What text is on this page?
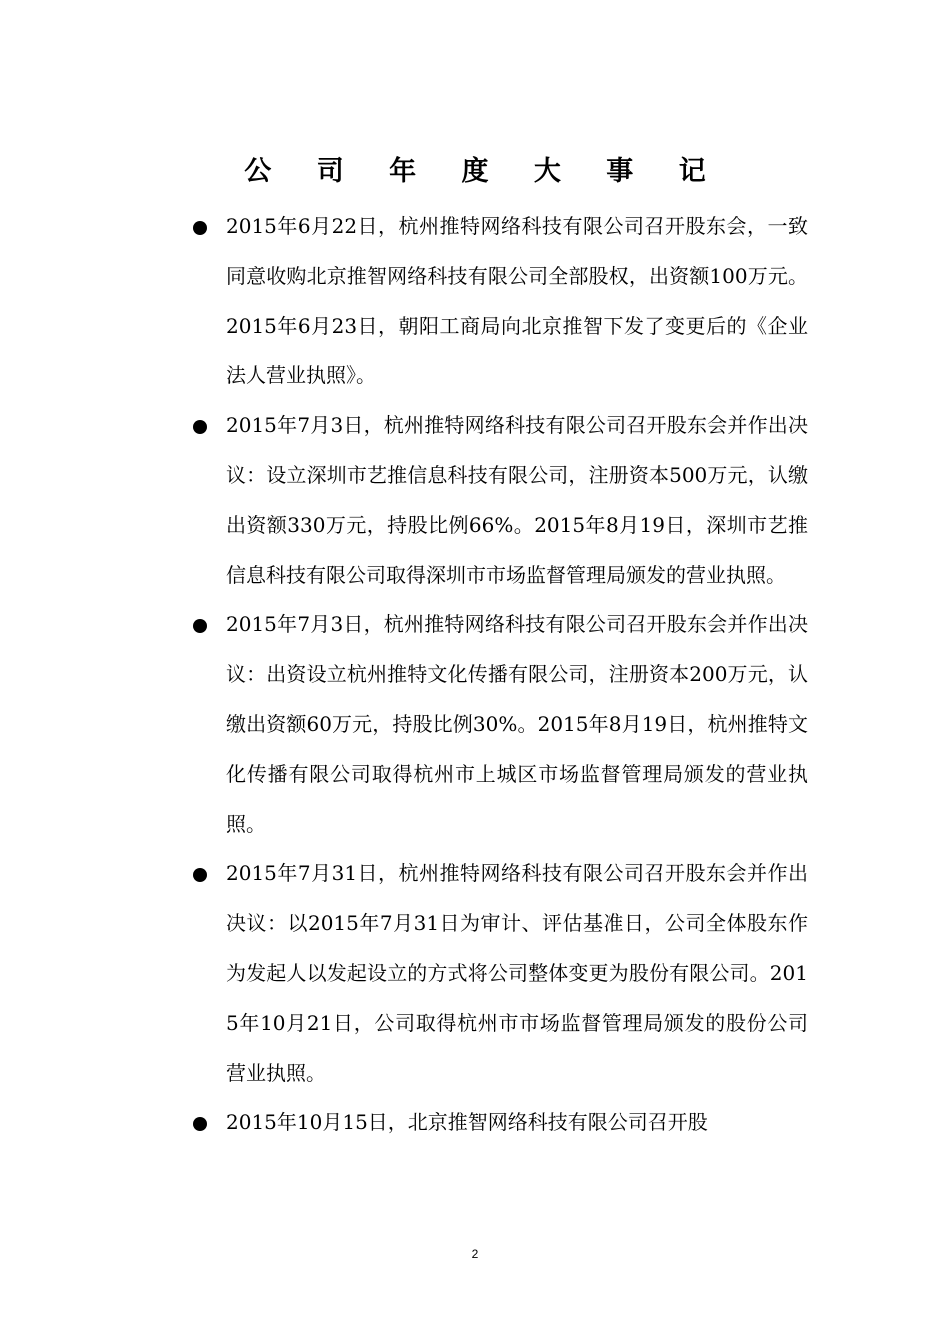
公 司 年 度 大 事 记
2015年6月22日，杭州推特网络科技有限公司召开股东会，一致同意收购北京推智网络科技有限公司全部股权，出资额100万元。2015年6月23日，朝阳工商局向北京推智下发了变更后的《企业法人营业执照》。
2015年7月3日，杭州推特网络科技有限公司召开股东会并作出决议：设立深圳市艺推信息科技有限公司，注册资本500万元，认缴出资额330万元，持股比例66%。2015年8月19日，深圳市艺推信息科技有限公司取得深圳市市场监督管理局颁发的营业执照。
2015年7月3日，杭州推特网络科技有限公司召开股东会并作出决议：出资设立杭州推特文化传播有限公司，注册资本200万元，认缴出资额60万元，持股比例30%。2015年8月19日，杭州推特文化传播有限公司取得杭州市上城区市场监督管理局颁发的营业执照。
2015年7月31日，杭州推特网络科技有限公司召开股东会并作出决议：以2015年7月31日为审计、评估基准日，公司全体股东作为发起人以发起设立的方式将公司整体变更为股份有限公司。2015年10月21日，公司取得杭州市市场监督管理局颁发的股份公司营业执照。
2015年10月15日，北京推智网络科技有限公司召开股
2
